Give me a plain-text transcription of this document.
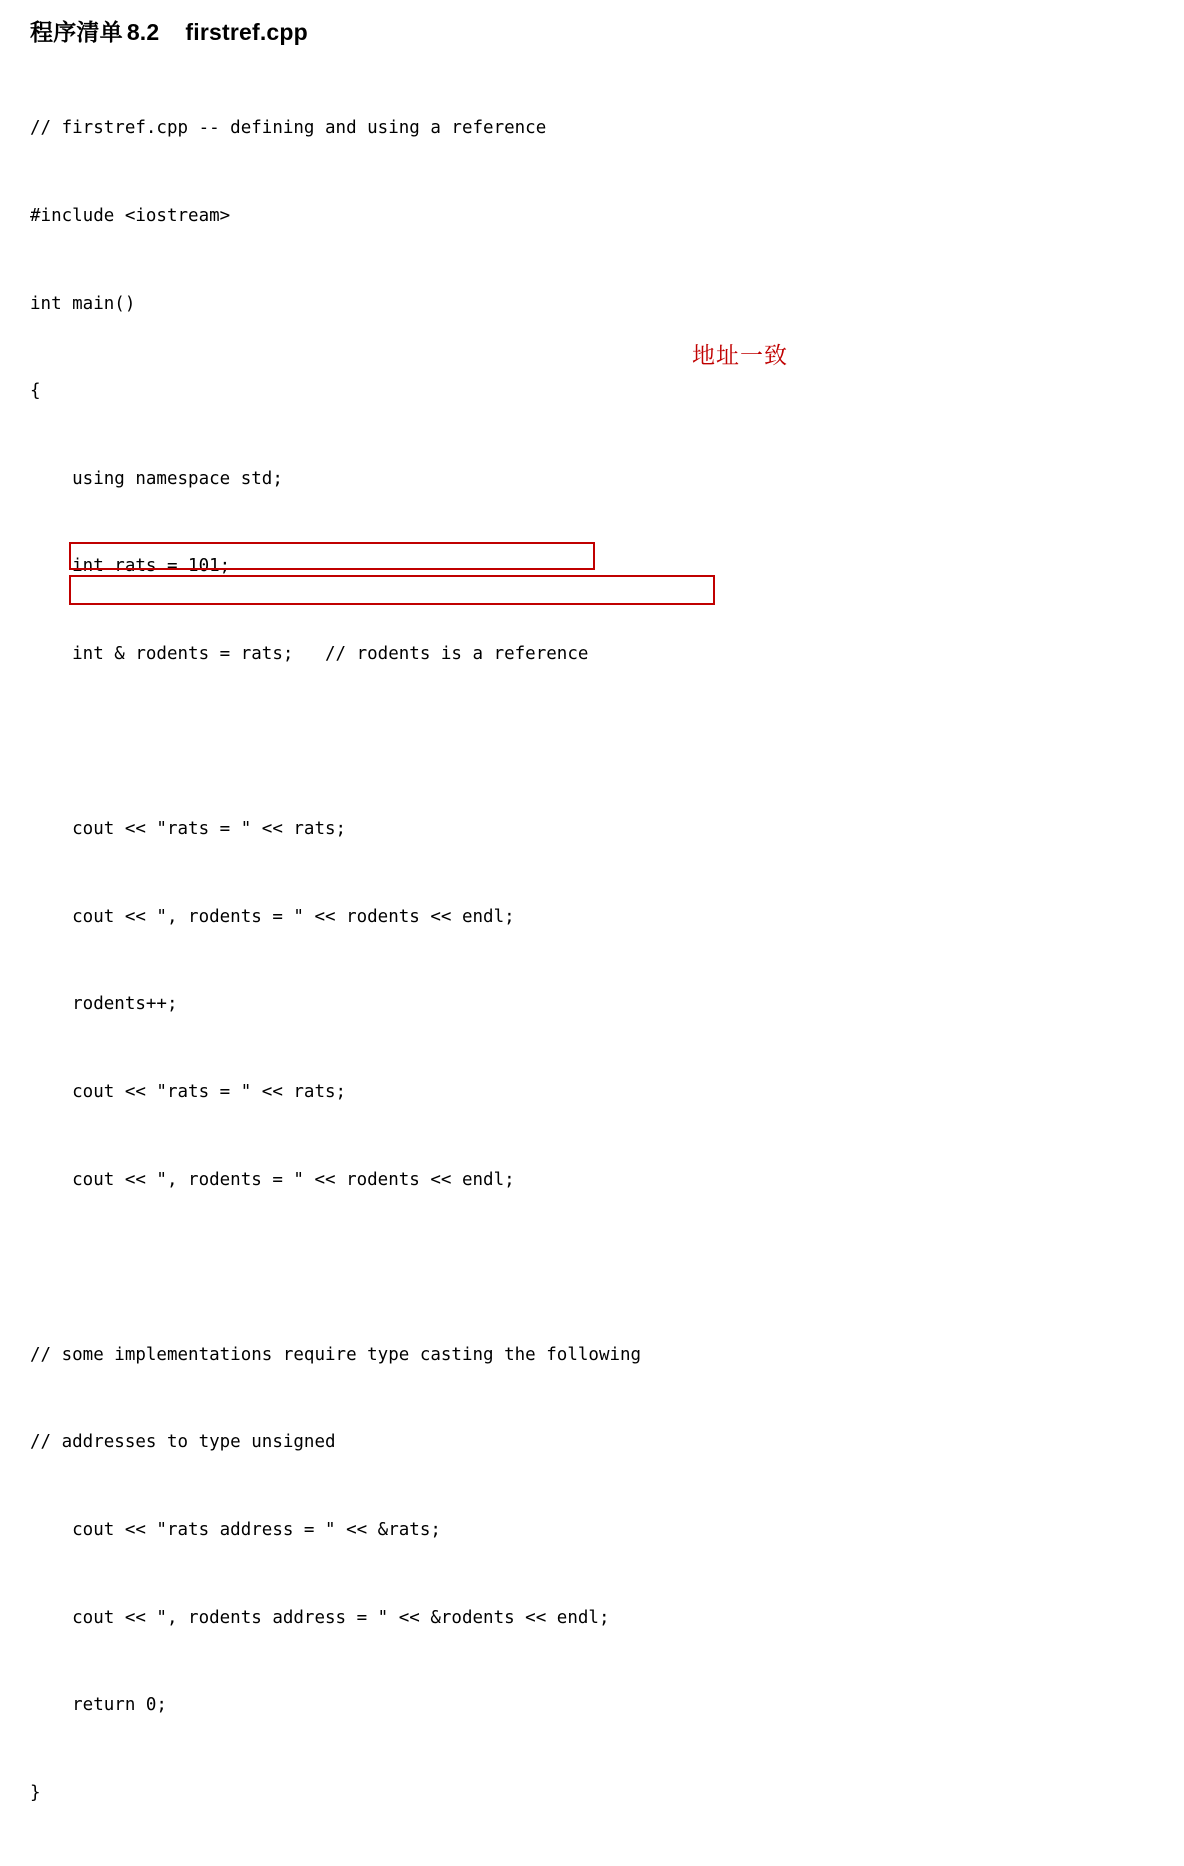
程序清单 8.2 firstref.cpp

// firstref.cpp -- defining and using a reference

#include <iostream>

int main()

{

using namespace std;

int rats = 101;

int & rodents = rats;   // rodents is a reference

cout << "rats = " << rats;

cout << ", rodents = " << rodents << endl;

rodents++;

cout << "rats = " << rats;

cout << ", rodents = " << rodents << endl;

// some implementations require type casting the following

// addresses to type unsigned

cout << "rats address = " << &rats;

cout << ", rodents address = " << &rodents << endl;

return 0;

}

地址一致
